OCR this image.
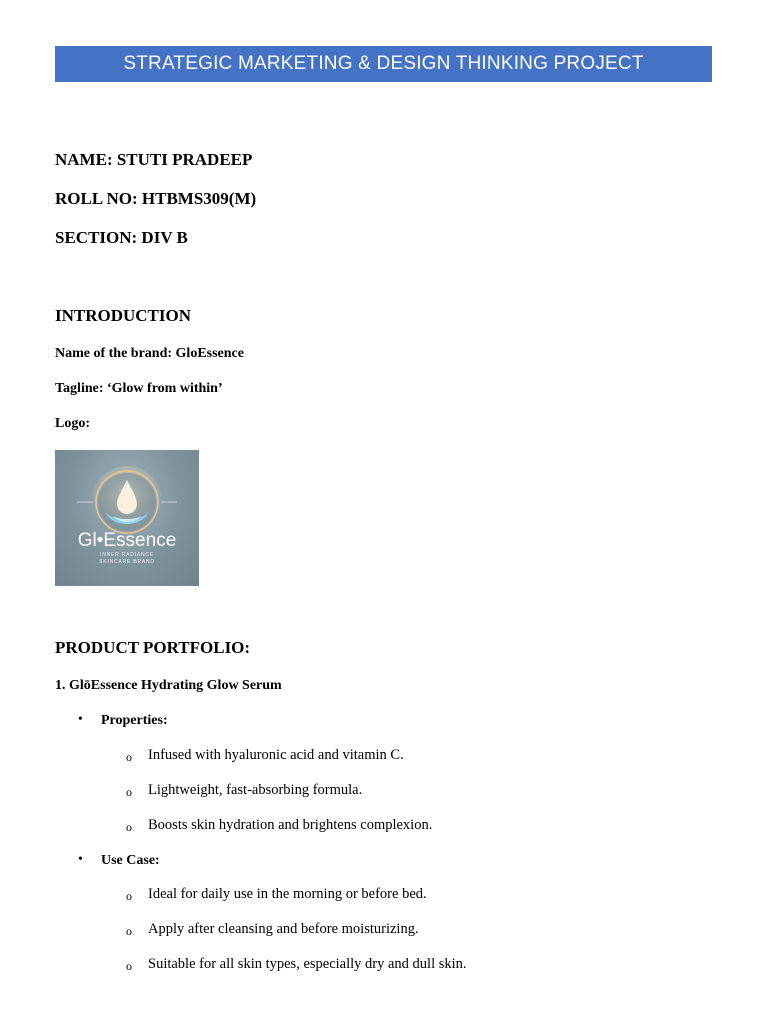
STRATEGIC MARKETING & DESIGN THINKING PROJECT
NAME: STUTI PRADEEP
ROLL NO: HTBMS309(M)
SECTION: DIV B
INTRODUCTION
Name of the brand: GloEssence
Tagline: ‘Glow from within’
Logo:
Gl•Essence
INNER RADIANCE
SKINCARE BRAND
PRODUCT PORTFOLIO:
1. GlōEssence Hydrating Glow Serum
• Properties:
o Infused with hyaluronic acid and vitamin C.
o Lightweight, fast-absorbing formula.
o Boosts skin hydration and brightens complexion.
• Use Case:
o Ideal for daily use in the morning or before bed.
o Apply after cleansing and before moisturizing.
o Suitable for all skin types, especially dry and dull skin.
